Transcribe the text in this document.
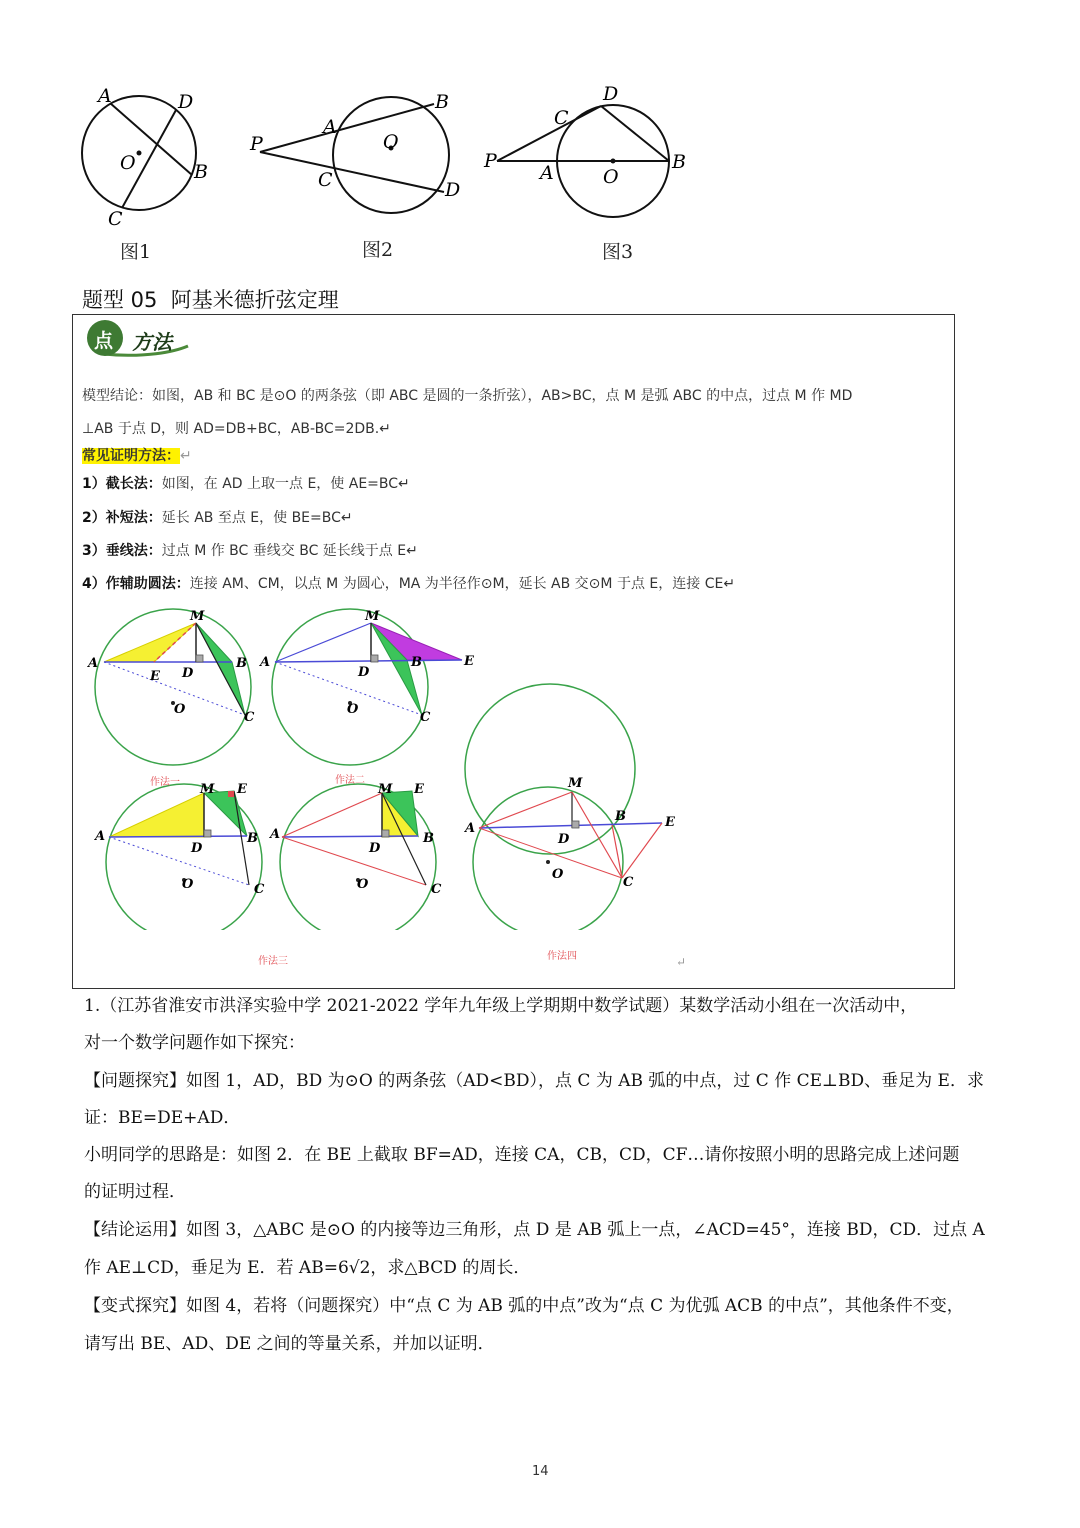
A	D
O	B
C
P
A
O
B
C	D
P
A	O
B
C
D
图1	图2	图3
题型 05  阿基米德折弦定理
点 方法
模型结论：如图，AB 和 BC 是⊙O 的两条弦（即 ABC 是圆的一条折弦），AB>BC，点 M 是弧 ABC 的中点，过点 M 作 MD
⊥AB 于点 D，则 AD=DB+BC，AB-BC=2DB.↵
常见证明方法：↵
1）截长法：如图，在 AD 上取一点 E，使 AE=BC↵
2）补短法：延长 AB 至点 E，使 BE=BC↵
3）垂线法：过点 M 作 BC 垂线交 BC 延长线于点 E↵
4）作辅助圆法：连接 AM、CM，以点 M 为圆心，MA 为半径作⊙M，延长 AB 交⊙M 于点 E，连接 CE↵
M
A
E D
B
O
C
M
A
D
B	E
O
C
M E
A
D
B
O	C
M E
A
D
B
O	C
M
A
D
B	E
O
C
作法一	作法二
作法三	作法四	↵
1.（江苏省淮安市洪泽实验中学 2021-2022 学年九年级上学期期中数学试题）某数学活动小组在一次活动中，
对一个数学问题作如下探究：
【问题探究】如图 1，AD，BD 为⊙O 的两条弦（AD<BD），点 C 为 AB 弧的中点，过 C 作 CE⊥BD、垂足为 E．求
证：BE=DE+AD．
小明同学的思路是：如图 2．在 BE 上截取 BF=AD，连接 CA，CB，CD，CF…请你按照小明的思路完成上述问题
的证明过程．
【结论运用】如图 3，△ABC 是⊙O 的内接等边三角形，点 D 是 AB 弧上一点，∠ACD=45°，连接 BD，CD．过点 A
作 AE⊥CD，垂足为 E．若 AB=6√2，求△BCD 的周长．
【变式探究】如图 4，若将（问题探究）中“点 C 为 AB 弧的中点”改为“点 C 为优弧 ACB 的中点”，其他条件不变，
请写出 BE、AD、DE 之间的等量关系，并加以证明．
14
